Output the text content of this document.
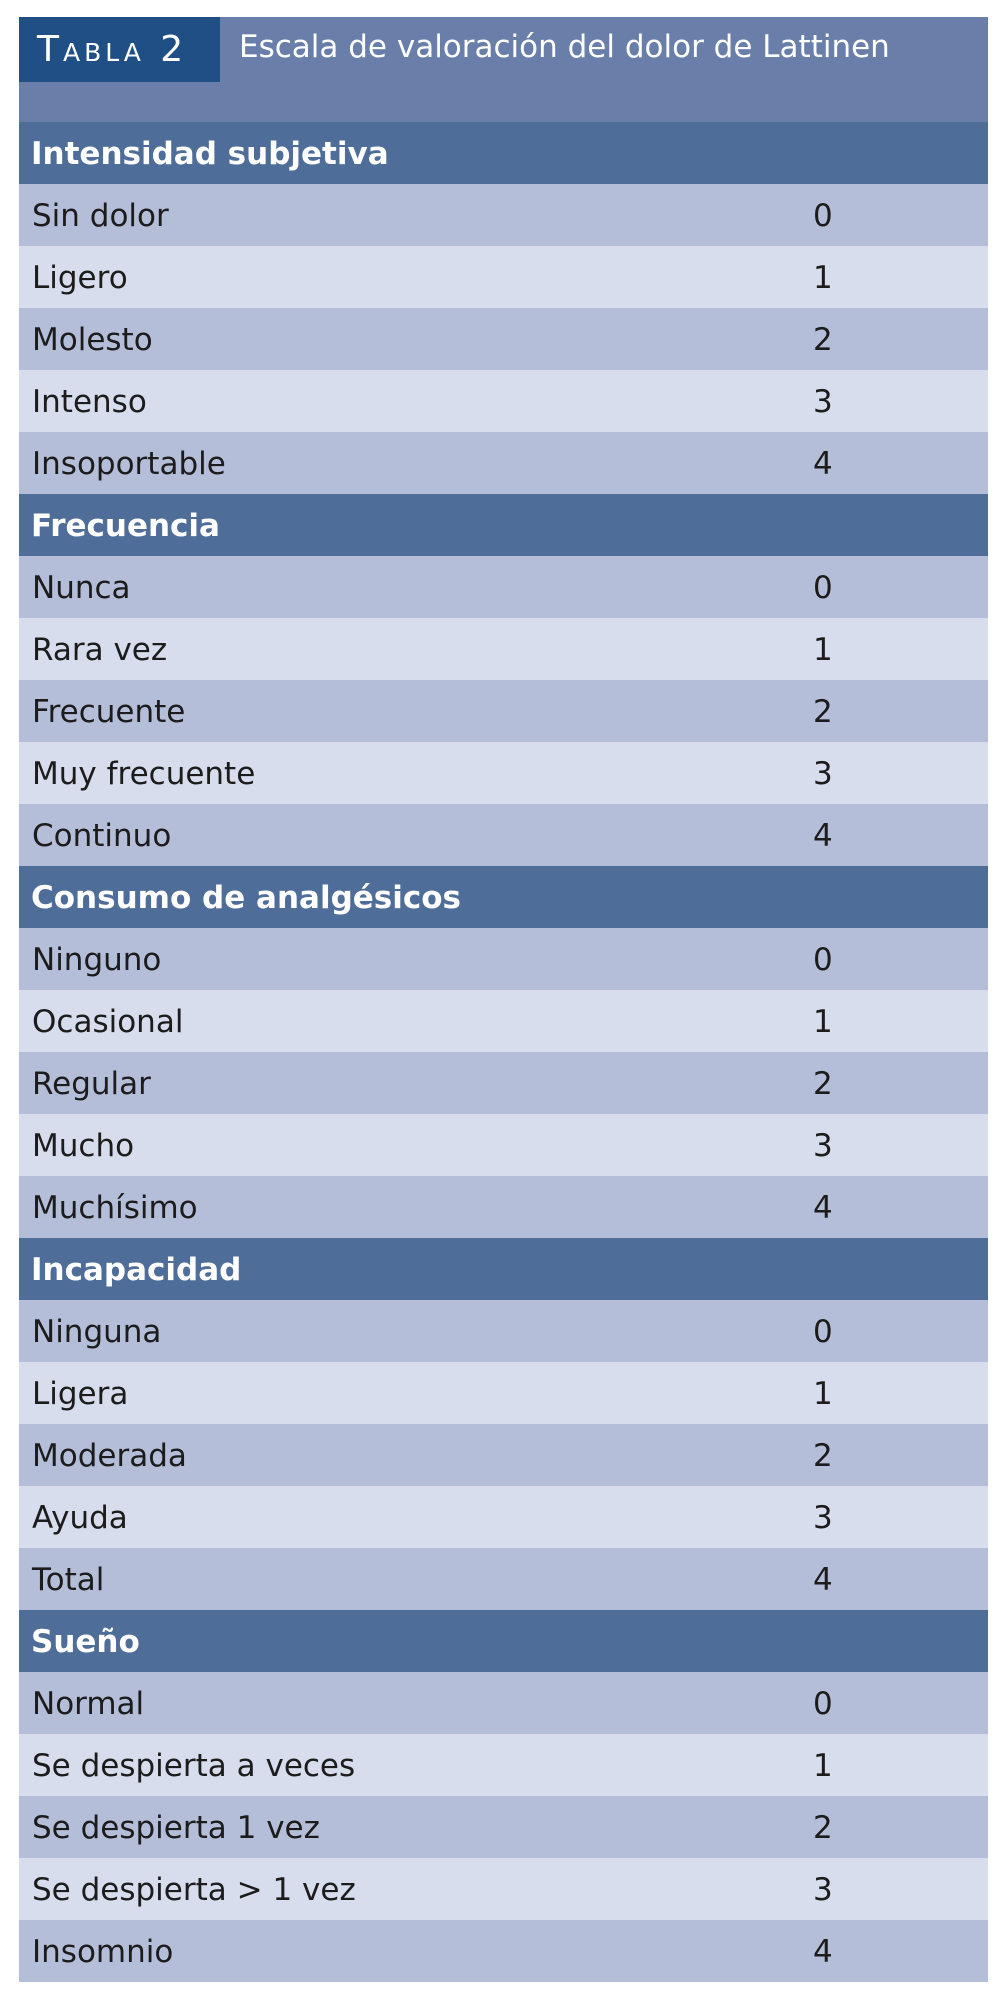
Tabla 2	Escala de valoración del dolor de Lattinen
Intensidad subjetiva
Sin dolor	0
Ligero	1
Molesto	2
Intenso	3
Insoportable	4
Frecuencia
Nunca	0
Rara vez	1
Frecuente	2
Muy frecuente	3
Continuo	4
Consumo de analgésicos
Ninguno	0
Ocasional	1
Regular	2
Mucho	3
Muchísimo	4
Incapacidad
Ninguna	0
Ligera	1
Moderada	2
Ayuda	3
Total	4
Sueño
Normal	0
Se despierta a veces	1
Se despierta 1 vez	2
Se despierta > 1 vez	3
Insomnio	4
